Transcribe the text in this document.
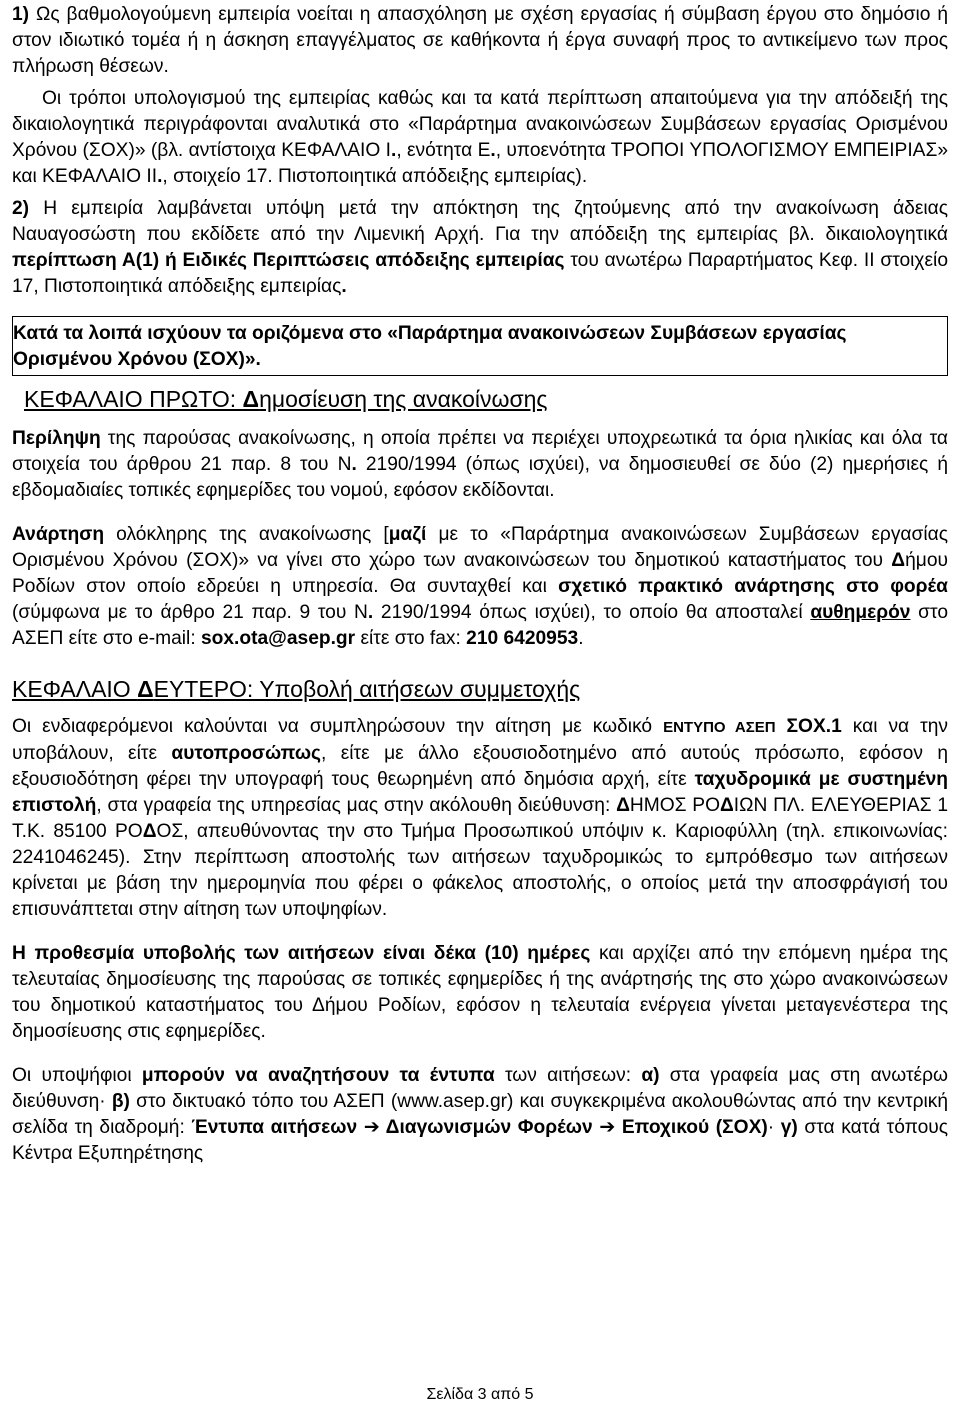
1) Ως βαθμολογούμενη εμπειρία νοείται η απασχόληση με σχέση εργασίας ή σύμβαση έργου στο δημόσιο ή στον ιδιωτικό τομέα ή η άσκηση επαγγέλματος σε καθήκοντα ή έργα συναφή προς το αντικείμενο των προς πλήρωση θέσεων.

Οι τρόποι υπολογισμού της εμπειρίας καθώς και τα κατά περίπτωση απαιτούμενα για την απόδειξή της δικαιολογητικά περιγράφονται αναλυτικά στο «Παράρτημα ανακοινώσεων Συμβάσεων εργασίας Ορισμένου Χρόνου (ΣΟΧ)» (βλ. αντίστοιχα ΚΕΦΑΛΑΙΟ Ι., ενότητα Ε., υποενότητα ΤΡΟΠΟΙ ΥΠΟΛΟΓΙΣΜΟΥ ΕΜΠΕΙΡΙΑΣ» και ΚΕΦΑΛΑΙΟ ΙΙ., στοιχείο 17. Πιστοποιητικά απόδειξης εμπειρίας).

2) Η εμπειρία λαμβάνεται υπόψη μετά την απόκτηση της ζητούμενης από την ανακοίνωση άδειας Ναυαγοσώστη που εκδίδετε από την Λιμενική Αρχή. Για την απόδειξη της εμπειρίας βλ. δικαιολογητικά περίπτωση Α(1) ή Ειδικές Περιπτώσεις απόδειξης εμπειρίας του ανωτέρω Παραρτήματος Κεφ. ΙΙ στοιχείο 17, Πιστοποιητικά απόδειξης εμπειρίας.

Κατά τα λοιπά ισχύουν τα οριζόμενα στο «Παράρτημα ανακοινώσεων Συμβάσεων εργασίας Ορισμένου Χρόνου (ΣΟΧ)».
ΚΕΦΑΛΑΙΟ ΠΡΩΤΟ: Δημοσίευση της ανακοίνωσης

Περίληψη της παρούσας ανακοίνωσης, η οποία πρέπει να περιέχει υποχρεωτικά τα όρια ηλικίας και όλα τα στοιχεία του άρθρου 21 παρ. 8 του Ν. 2190/1994 (όπως ισχύει), να δημοσιευθεί σε δύο (2) ημερήσιες ή εβδομαδιαίες τοπικές εφημερίδες του νομού, εφόσον εκδίδονται.

Ανάρτηση ολόκληρης της ανακοίνωσης [μαζί με το «Παράρτημα ανακοινώσεων Συμβάσεων εργασίας Ορισμένου Χρόνου (ΣΟΧ)» να γίνει στο χώρο των ανακοινώσεων του δημοτικού καταστήματος του Δήμου Ροδίων στον οποίο εδρεύει η υπηρεσία. Θα συνταχθεί και σχετικό πρακτικό ανάρτησης στο φορέα (σύμφωνα με το άρθρο 21 παρ. 9 του Ν. 2190/1994 όπως ισχύει), το οποίο θα αποσταλεί αυθημερόν στο ΑΣΕΠ είτε στο e-mail: sox.ota@asep.gr είτε στο fax: 210 6420953.

ΚΕΦΑΛΑΙΟ ΔΕΥΤΕΡΟ: Υποβολή αιτήσεων συμμετοχής

Οι ενδιαφερόμενοι καλούνται να συμπληρώσουν την αίτηση με κωδικό ΕΝΤΥΠΟ ΑΣΕΠ ΣΟΧ.1 και να την υποβάλουν, είτε αυτοπροσώπως, είτε με άλλο εξουσιοδοτημένο από αυτούς πρόσωπο, εφόσον η εξουσιοδότηση φέρει την υπογραφή τους θεωρημένη από δημόσια αρχή, είτε ταχυδρομικά με συστημένη επιστολή, στα γραφεία της υπηρεσίας μας στην ακόλουθη διεύθυνση: ΔΗΜΟΣ ΡΟΔΙΩΝ ΠΛ. ΕΛΕΥΘΕΡΙΑΣ 1 Τ.Κ. 85100 ΡΟΔΟΣ, απευθύνοντας την στο Τμήμα Προσωπικού υπόψιν κ. Καριοφύλλη (τηλ. επικοινωνίας: 2241046245). Στην περίπτωση αποστολής των αιτήσεων ταχυδρομικώς το εμπρόθεσμο των αιτήσεων κρίνεται με βάση την ημερομηνία που φέρει ο φάκελος αποστολής, ο οποίος μετά την αποσφράγισή του επισυνάπτεται στην αίτηση των υποψηφίων.

Η προθεσμία υποβολής των αιτήσεων είναι δέκα (10) ημέρες και αρχίζει από την επόμενη ημέρα της τελευταίας δημοσίευσης της παρούσας σε τοπικές εφημερίδες ή της ανάρτησής της στο χώρο ανακοινώσεων του δημοτικού καταστήματος του Δήμου Ροδίων, εφόσον η τελευταία ενέργεια γίνεται μεταγενέστερα της δημοσίευσης στις εφημερίδες.

Οι υποψήφιοι μπορούν να αναζητήσουν τα έντυπα των αιτήσεων: α) στα γραφεία μας στη ανωτέρω διεύθυνση· β) στο δικτυακό τόπο του ΑΣΕΠ (www.asep.gr) και συγκεκριμένα ακολουθώντας από την κεντρική σελίδα τη διαδρομή: Έντυπα αιτήσεων ➔ Διαγωνισμών Φορέων ➔ Εποχικού (ΣΟΧ)· γ) στα κατά τόπους Κέντρα Εξυπηρέτησης

Σελίδα 3 από 5
